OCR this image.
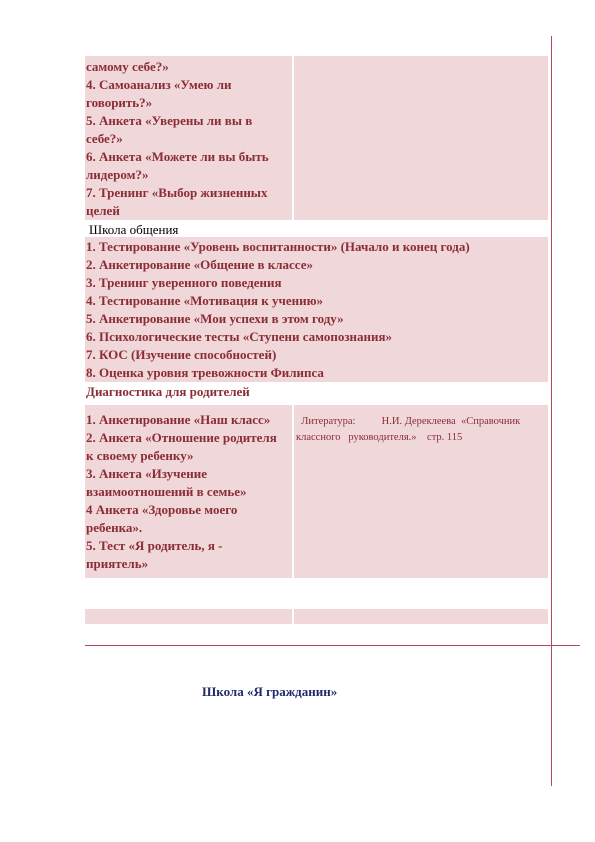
самому себе?»
4. Самоанализ «Умею ли
говорить?»
5. Анкета «Уверены ли вы в
себе?»
6. Анкета «Можете ли вы быть
лидером?»
7. Тренинг «Выбор жизненных
целей
Школа общения
1. Тестирование «Уровень воспитанности» (Начало и конец года)
2. Анкетирование «Общение в классе»
3. Тренинг уверенного поведения
4. Тестирование «Мотивация к учению»
5. Анкетирование «Мои успехи в этом году»
6. Психологические тесты «Ступени самопознания»
7. КОС (Изучение способностей)
8. Оценка уровня тревожности Филипса
Диагностика для родителей
1. Анкетирование «Наш класс»
2. Анкета «Отношение родителя
к своему ребенку»
3. Анкета «Изучение
взаимоотношений в семье»
4 Анкета «Здоровье моего
ребенка».
5. Тест «Я родитель, я -
приятель»
Литература:          Н.И. Дереклеева  «Справочник
классного   руководителя.»    стр. 115
Школа «Я гражданин»
